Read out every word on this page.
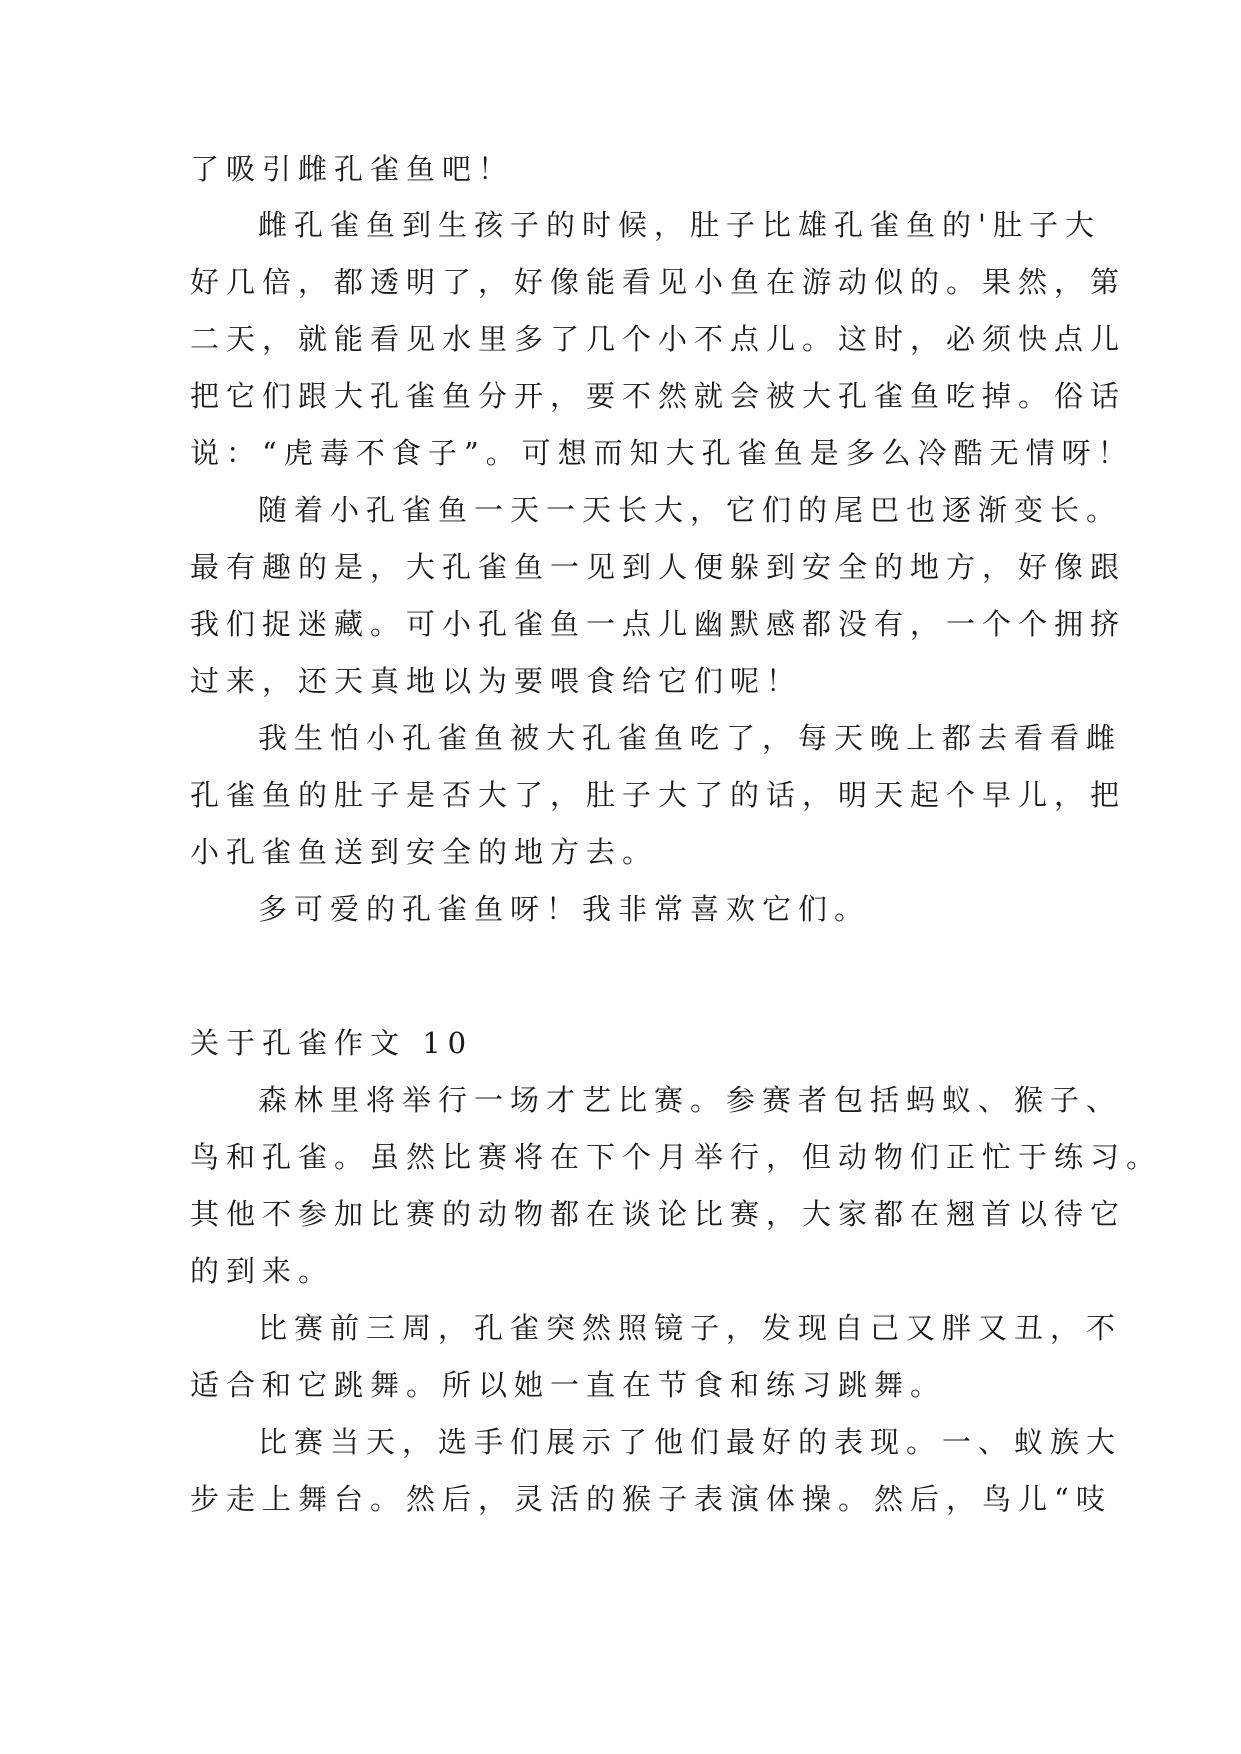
了吸引雌孔雀鱼吧！
雌孔雀鱼到生孩子的时候，肚子比雄孔雀鱼的'肚子大
好几倍，都透明了，好像能看见小鱼在游动似的。果然，第
二天，就能看见水里多了几个小不点儿。这时，必须快点儿
把它们跟大孔雀鱼分开，要不然就会被大孔雀鱼吃掉。俗话
说：“虎毒不食子”。可想而知大孔雀鱼是多么冷酷无情呀！
随着小孔雀鱼一天一天长大，它们的尾巴也逐渐变长。
最有趣的是，大孔雀鱼一见到人便躲到安全的地方，好像跟
我们捉迷藏。可小孔雀鱼一点儿幽默感都没有，一个个拥挤
过来，还天真地以为要喂食给它们呢！
我生怕小孔雀鱼被大孔雀鱼吃了，每天晚上都去看看雌
孔雀鱼的肚子是否大了，肚子大了的话，明天起个早儿，把
小孔雀鱼送到安全的地方去。
多可爱的孔雀鱼呀！我非常喜欢它们。
关于孔雀作文 10
森林里将举行一场才艺比赛。参赛者包括蚂蚁、猴子、
鸟和孔雀。虽然比赛将在下个月举行，但动物们正忙于练习。
其他不参加比赛的动物都在谈论比赛，大家都在翘首以待它
的到来。
比赛前三周，孔雀突然照镜子，发现自己又胖又丑，不
适合和它跳舞。所以她一直在节食和练习跳舞。
比赛当天，选手们展示了他们最好的表现。一、蚁族大
步走上舞台。然后，灵活的猴子表演体操。然后，鸟儿“吱
